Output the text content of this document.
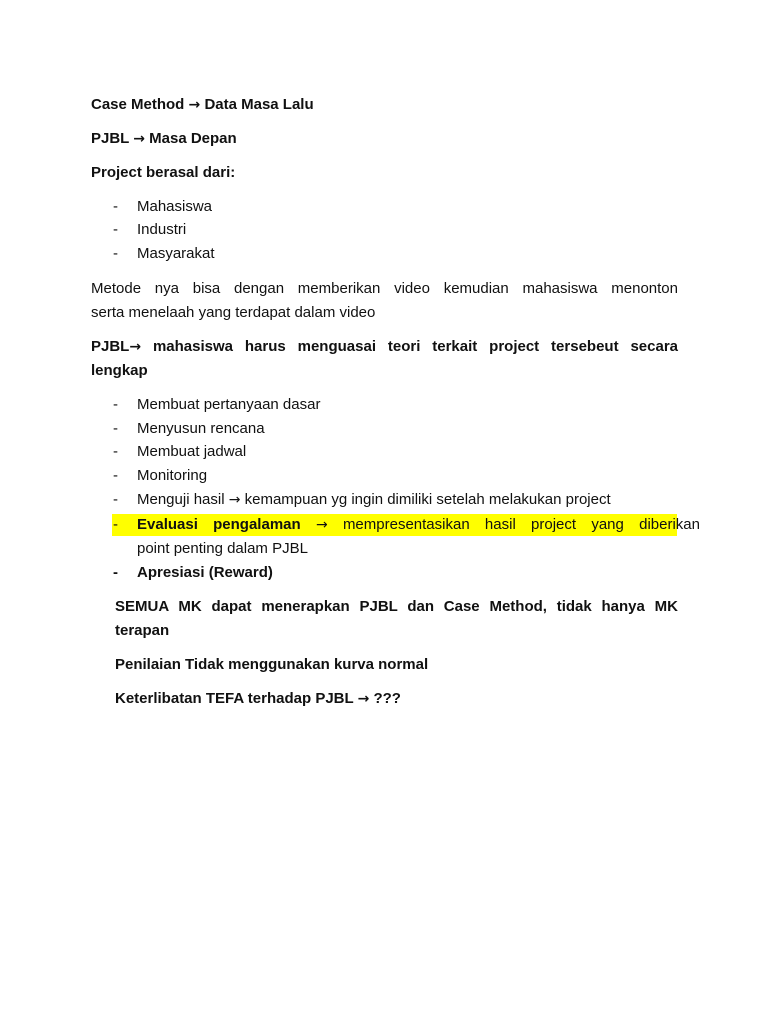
Case Method → Data Masa Lalu
PJBL → Masa Depan
Project berasal dari:
- Mahasiswa
- Industri
- Masyarakat
Metode nya bisa dengan memberikan video kemudian mahasiswa menonton
serta menelaah yang terdapat dalam video
PJBL→ mahasiswa harus menguasai teori terkait project tersebeut secara
lengkap
- Membuat pertanyaan dasar
- Menyusun rencana
- Membuat jadwal
- Monitoring
- Menguji hasil → kemampuan yg ingin dimiliki setelah melakukan project
- Evaluasi pengalaman → mempresentasikan hasil project yang diberikan
point penting dalam PJBL
- Apresiasi (Reward)
SEMUA MK dapat menerapkan PJBL dan Case Method, tidak hanya MK
terapan
Penilaian Tidak menggunakan kurva normal
Keterlibatan TEFA terhadap PJBL → ???
